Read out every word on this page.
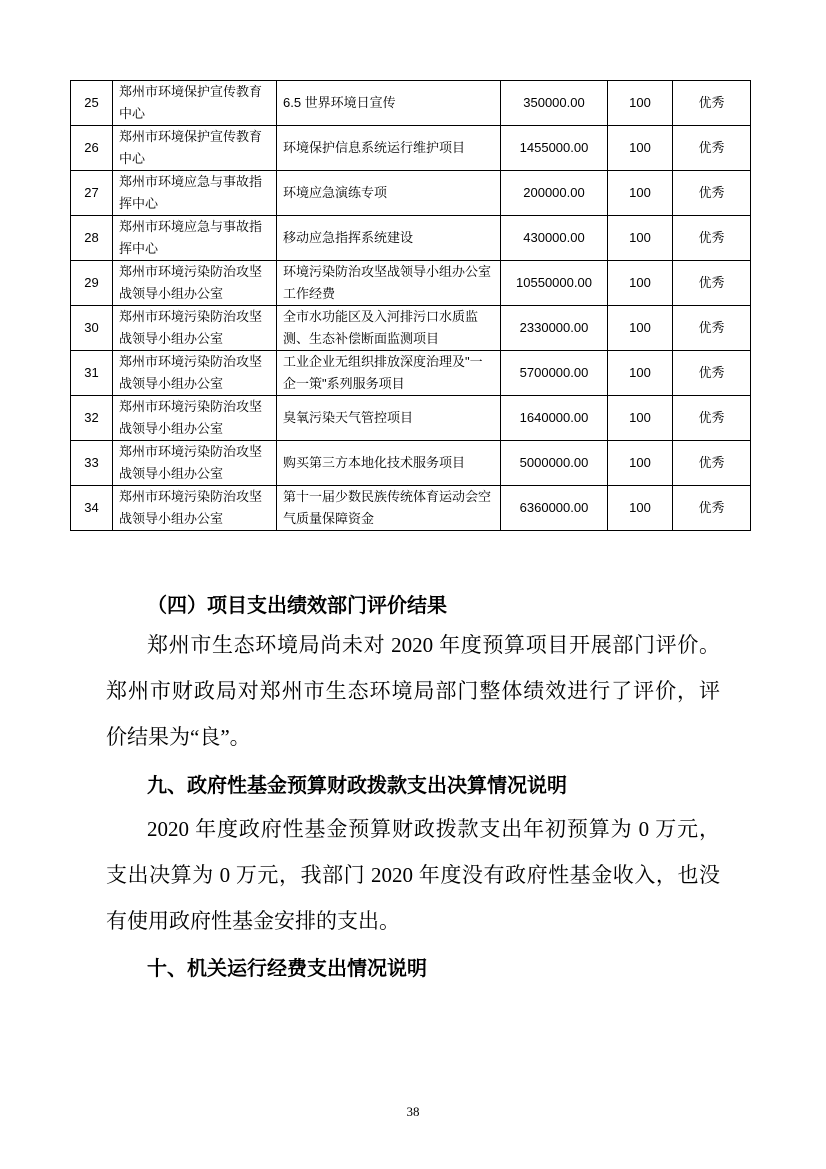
25	郑州市环境保护宣传教育中心	6.5 世界环境日宣传	350000.00	100	优秀
26	郑州市环境保护宣传教育中心	环境保护信息系统运行维护项目	1455000.00	100	优秀
27	郑州市环境应急与事故指挥中心	环境应急演练专项	200000.00	100	优秀
28	郑州市环境应急与事故指挥中心	移动应急指挥系统建设	430000.00	100	优秀
29	郑州市环境污染防治攻坚战领导小组办公室	环境污染防治攻坚战领导小组办公室工作经费	10550000.00	100	优秀
30	郑州市环境污染防治攻坚战领导小组办公室	全市水功能区及入河排污口水质监测、生态补偿断面监测项目	2330000.00	100	优秀
31	郑州市环境污染防治攻坚战领导小组办公室	工业企业无组织排放深度治理及"一企一策"系列服务项目	5700000.00	100	优秀
32	郑州市环境污染防治攻坚战领导小组办公室	臭氧污染天气管控项目	1640000.00	100	优秀
33	郑州市环境污染防治攻坚战领导小组办公室	购买第三方本地化技术服务项目	5000000.00	100	优秀
34	郑州市环境污染防治攻坚战领导小组办公室	第十一届少数民族传统体育运动会空气质量保障资金	6360000.00	100	优秀
（四）项目支出绩效部门评价结果
郑州市生态环境局尚未对 2020 年度预算项目开展部门评价。
郑州市财政局对郑州市生态环境局部门整体绩效进行了评价，评
价结果为“良”。
九、政府性基金预算财政拨款支出决算情况说明
2020 年度政府性基金预算财政拨款支出年初预算为 0 万元，
支出决算为 0 万元，我部门 2020 年度没有政府性基金收入，也没
有使用政府性基金安排的支出。
十、机关运行经费支出情况说明
38
